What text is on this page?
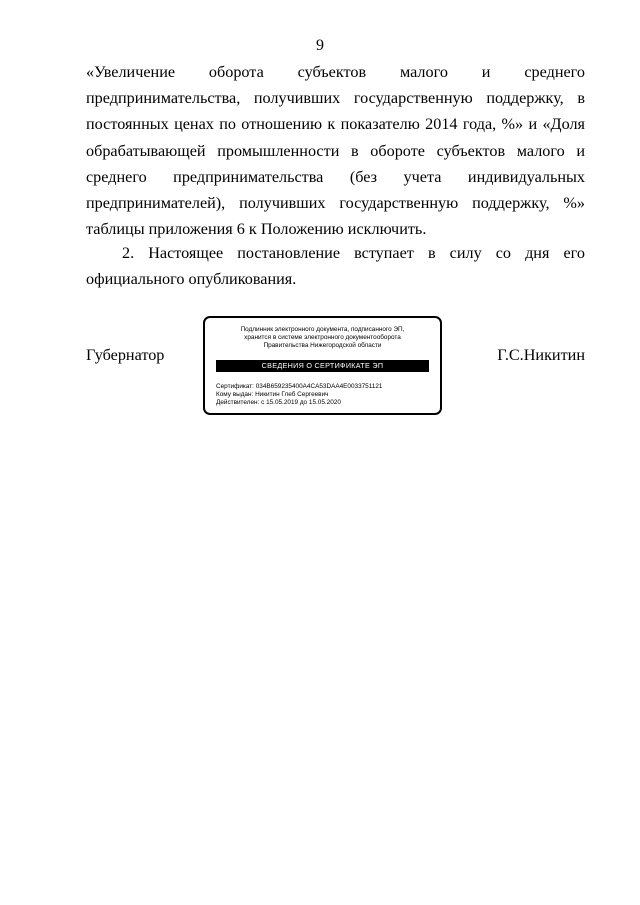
9

«Увеличение оборота субъектов малого и среднего предпринимательства, получивших государственную поддержку, в постоянных ценах по отношению к показателю 2014 года, %» и «Доля обрабатывающей промышленности в обороте субъектов малого и среднего предпринимательства (без учета индивидуальных предпринимателей), получивших государственную поддержку, %» таблицы приложения 6 к Положению исключить.

2. Настоящее постановление вступает в силу со дня его официального опубликования.

Губернатор	Г.С.Никитин
Подлинник электронного документа, подписанного ЭП,
хранится в системе электронного документооборота
Правительства Нижегородской области
СВЕДЕНИЯ О СЕРТИФИКАТЕ ЭП
Сертификат: 034B659235400A4CA53DAA4E0033751121
Кому выдан: Никитин Глеб Сергеевич
Действителен: с 15.05.2019 до 15.05.2020
